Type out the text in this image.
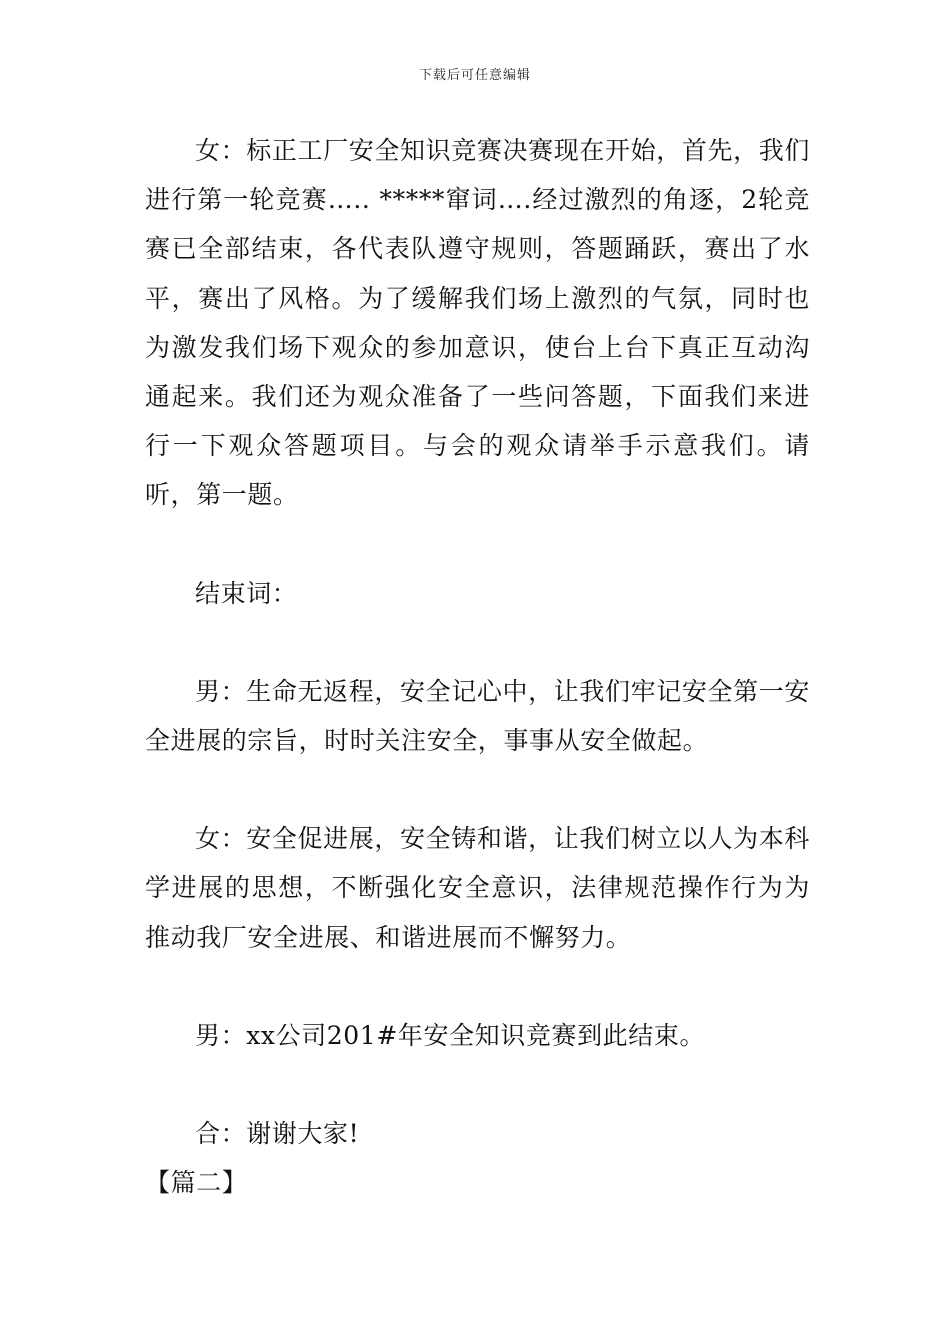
下载后可任意编辑

女：标正工厂安全知识竞赛决赛现在开始，首先，我们进行第一轮竞赛….. *****窜词….经过激烈的角逐，2轮竞赛已全部结束，各代表队遵守规则，答题踊跃，赛出了水平，赛出了风格。为了缓解我们场上激烈的气氛，同时也为激发我们场下观众的参加意识，使台上台下真正互动沟通起来。我们还为观众准备了一些问答题，下面我们来进行一下观众答题项目。与会的观众请举手示意我们。请听，第一题。

结束词：

男：生命无返程，安全记心中，让我们牢记安全第一安全进展的宗旨，时时关注安全，事事从安全做起。

女：安全促进展，安全铸和谐，让我们树立以人为本科学进展的思想，不断强化安全意识，法律规范操作行为为推动我厂安全进展、和谐进展而不懈努力。

男：xx公司201#年安全知识竞赛到此结束。

合：谢谢大家!

【篇二】
